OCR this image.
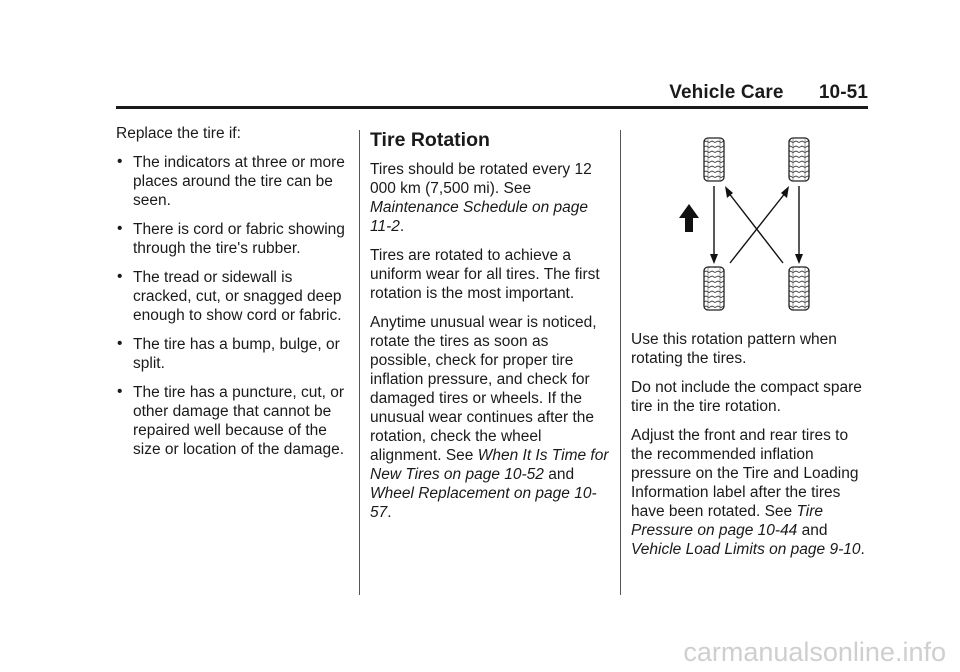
Vehicle Care 10-51

Replace the tire if:

• The indicators at three or more places around the tire can be seen.
• There is cord or fabric showing through the tire's rubber.
• The tread or sidewall is cracked, cut, or snagged deep enough to show cord or fabric.
• The tire has a bump, bulge, or split.
• The tire has a puncture, cut, or other damage that cannot be repaired well because of the size or location of the damage.
Tire Rotation

Tires should be rotated every 12 000 km (7,500 mi). See Maintenance Schedule on page 11-2.

Tires are rotated to achieve a uniform wear for all tires. The first rotation is the most important.

Anytime unusual wear is noticed, rotate the tires as soon as possible, check for proper tire inflation pressure, and check for damaged tires or wheels. If the unusual wear continues after the rotation, check the wheel alignment. See When It Is Time for New Tires on page 10-52 and Wheel Replacement on page 10-57.

Use this rotation pattern when rotating the tires.

Do not include the compact spare tire in the tire rotation.

Adjust the front and rear tires to the recommended inflation pressure on the Tire and Loading Information label after the tires have been rotated. See Tire Pressure on page 10-44 and Vehicle Load Limits on page 9-10.

carmanualsonline.info
